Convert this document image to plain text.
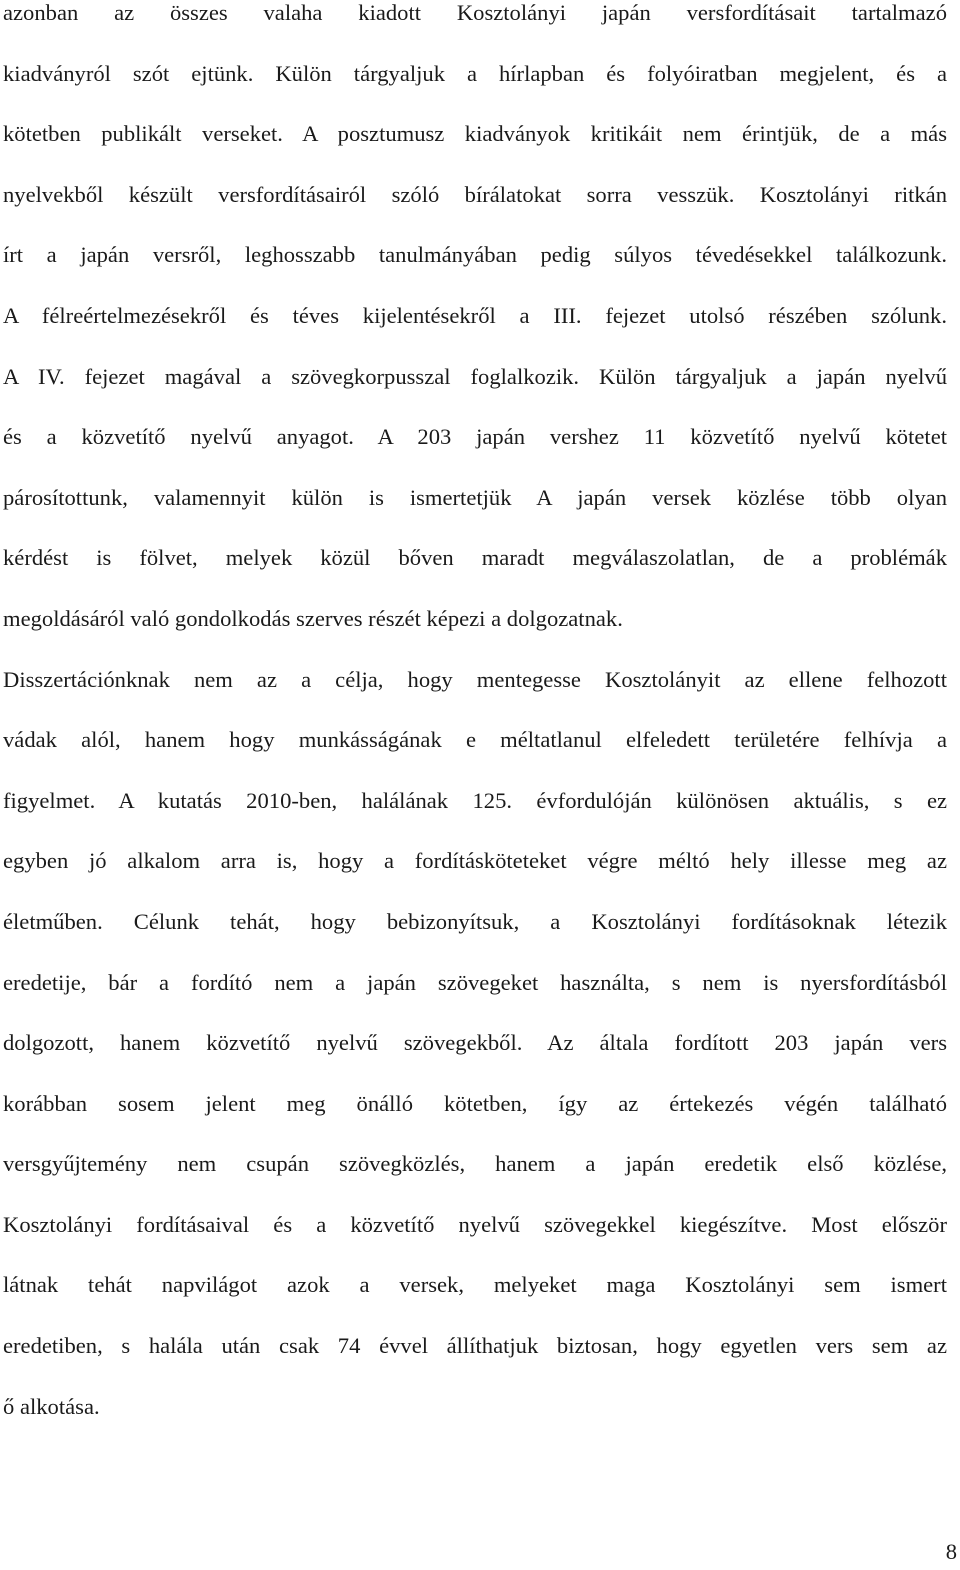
azonban az összes valaha kiadott Kosztolányi japán versfordításait tartalmazó
kiadványról szót ejtünk. Külön tárgyaljuk a hírlapban és folyóiratban megjelent, és a
kötetben publikált verseket. A posztumusz kiadványok kritikáit nem érintjük, de a más
nyelvekből készült versfordításairól szóló bírálatokat sorra vesszük. Kosztolányi ritkán
írt a japán versről, leghosszabb tanulmányában pedig súlyos tévedésekkel találkozunk.
A félreértelmezésekről és téves kijelentésekről a III. fejezet utolsó részében szólunk.
A IV. fejezet magával a szövegkorpusszal foglalkozik. Külön tárgyaljuk a japán nyelvű
és a közvetítő nyelvű anyagot. A 203 japán vershez 11 közvetítő nyelvű kötetet
párosítottunk, valamennyit külön is ismertetjük A japán versek közlése több olyan
kérdést is fölvet, melyek közül bőven maradt megválaszolatlan, de a problémák
megoldásáról való gondolkodás szerves részét képezi a dolgozatnak.
Disszertációnknak nem az a célja, hogy mentegesse Kosztolányit az ellene felhozott
vádak alól, hanem hogy munkásságának e méltatlanul elfeledett területére felhívja a
figyelmet. A kutatás 2010-ben, halálának 125. évfordulóján különösen aktuális, s ez
egyben jó alkalom arra is, hogy a fordításköteteket végre méltó hely illesse meg az
életműben. Célunk tehát, hogy bebizonyítsuk, a Kosztolányi fordításoknak létezik
eredetije, bár a fordító nem a japán szövegeket használta, s nem is nyersfordításból
dolgozott, hanem közvetítő nyelvű szövegekből. Az általa fordított 203 japán vers
korábban sosem jelent meg önálló kötetben, így az értekezés végén található
versgyűjtemény nem csupán szövegközlés, hanem a japán eredetik első közlése,
Kosztolányi fordításaival és a közvetítő nyelvű szövegekkel kiegészítve. Most először
látnak tehát napvilágot azok a versek, melyeket maga Kosztolányi sem ismert
eredetiben, s halála után csak 74 évvel állíthatjuk biztosan, hogy egyetlen vers sem az
ő alkotása.
8
